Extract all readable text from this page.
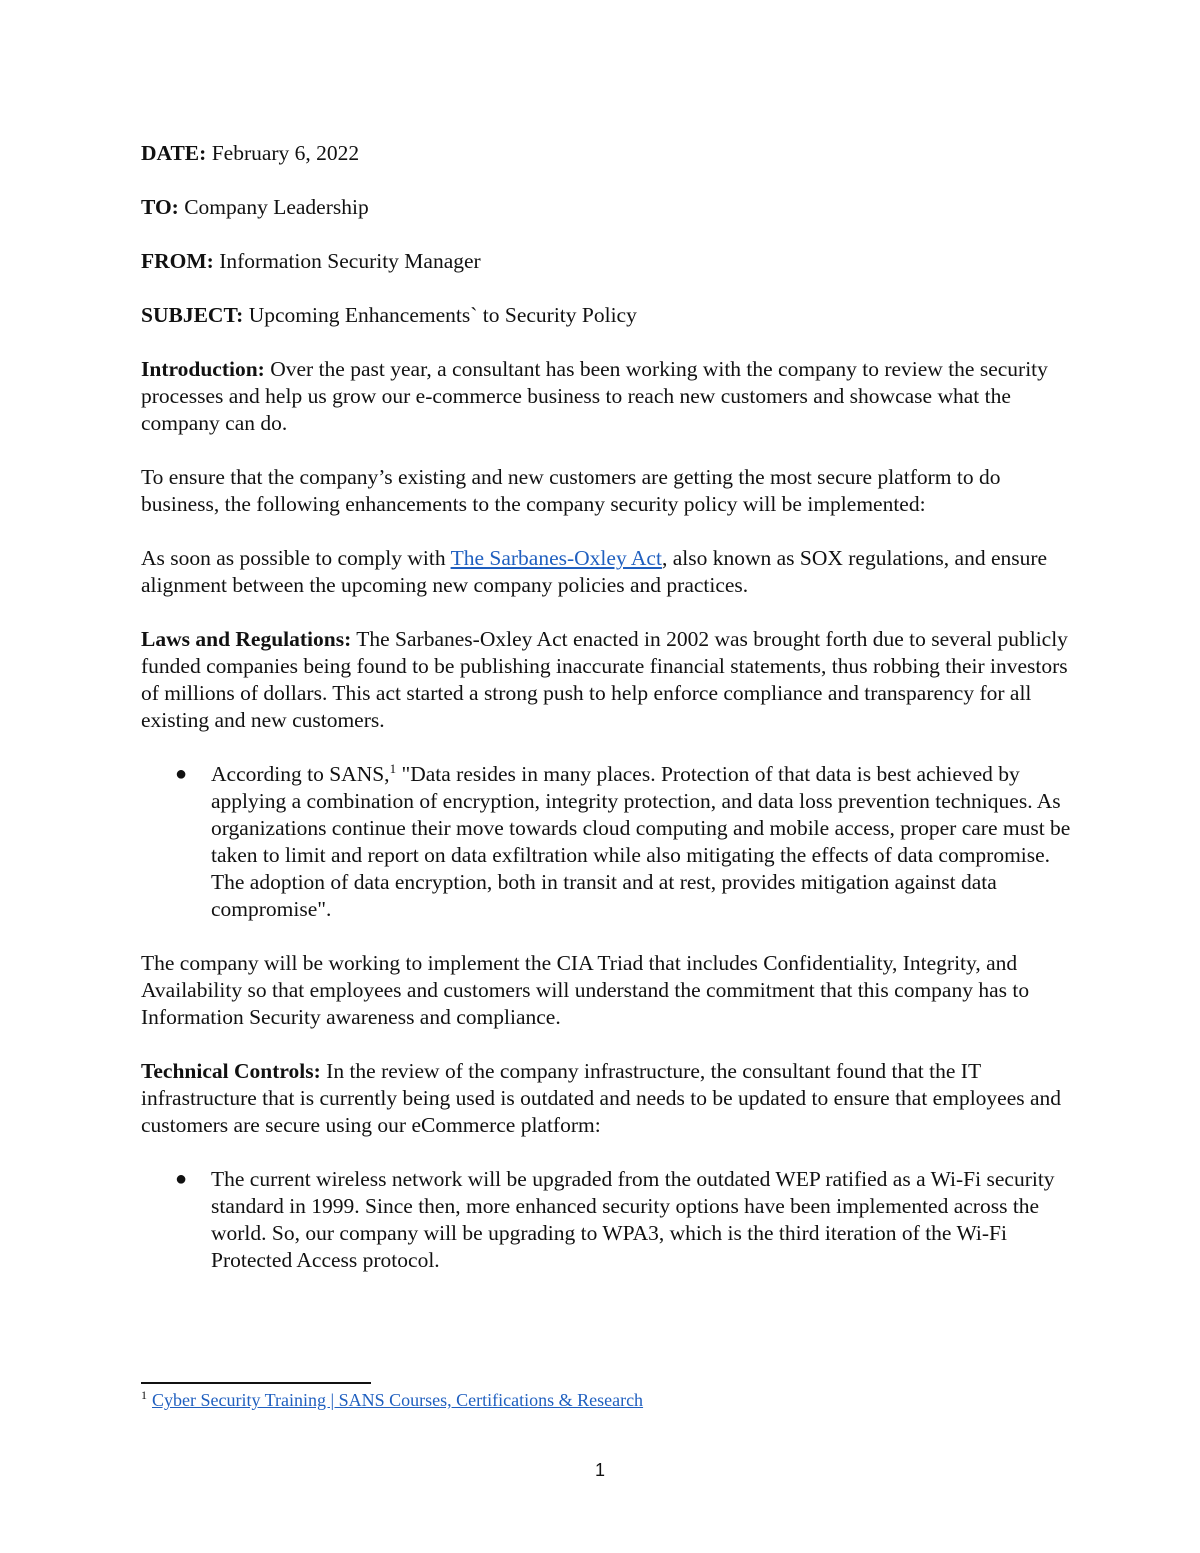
DATE: February 6, 2022

TO: Company Leadership

FROM: Information Security Manager

SUBJECT: Upcoming Enhancements` to Security Policy

Introduction: Over the past year, a consultant has been working with the company to review the security processes and help us grow our e-commerce business to reach new customers and showcase what the company can do.

To ensure that the company’s existing and new customers are getting the most secure platform to do business, the following enhancements to the company security policy will be implemented:

As soon as possible to comply with The Sarbanes-Oxley Act, also known as SOX regulations, and ensure alignment between the upcoming new company policies and practices.

Laws and Regulations: The Sarbanes-Oxley Act enacted in 2002 was brought forth due to several publicly funded companies being found to be publishing inaccurate financial statements, thus robbing their investors of millions of dollars. This act started a strong push to help enforce compliance and transparency for all existing and new customers.

● According to SANS,$^1$ "Data resides in many places. Protection of that data is best achieved by applying a combination of encryption, integrity protection, and data loss prevention techniques. As organizations continue their move towards cloud computing and mobile access, proper care must be taken to limit and report on data exfiltration while also mitigating the effects of data compromise. The adoption of data encryption, both in transit and at rest, provides mitigation against data compromise".

The company will be working to implement the CIA Triad that includes Confidentiality, Integrity, and Availability so that employees and customers will understand the commitment that this company has to Information Security awareness and compliance.

Technical Controls: In the review of the company infrastructure, the consultant found that the IT infrastructure that is currently being used is outdated and needs to be updated to ensure that employees and customers are secure using our eCommerce platform:

● The current wireless network will be upgraded from the outdated WEP ratified as a Wi-Fi security standard in 1999. Since then, more enhanced security options have been implemented across the world. So, our company will be upgrading to WPA3, which is the third iteration of the Wi-Fi Protected Access protocol.
$^1$ Cyber Security Training | SANS Courses, Certifications & Research
1
